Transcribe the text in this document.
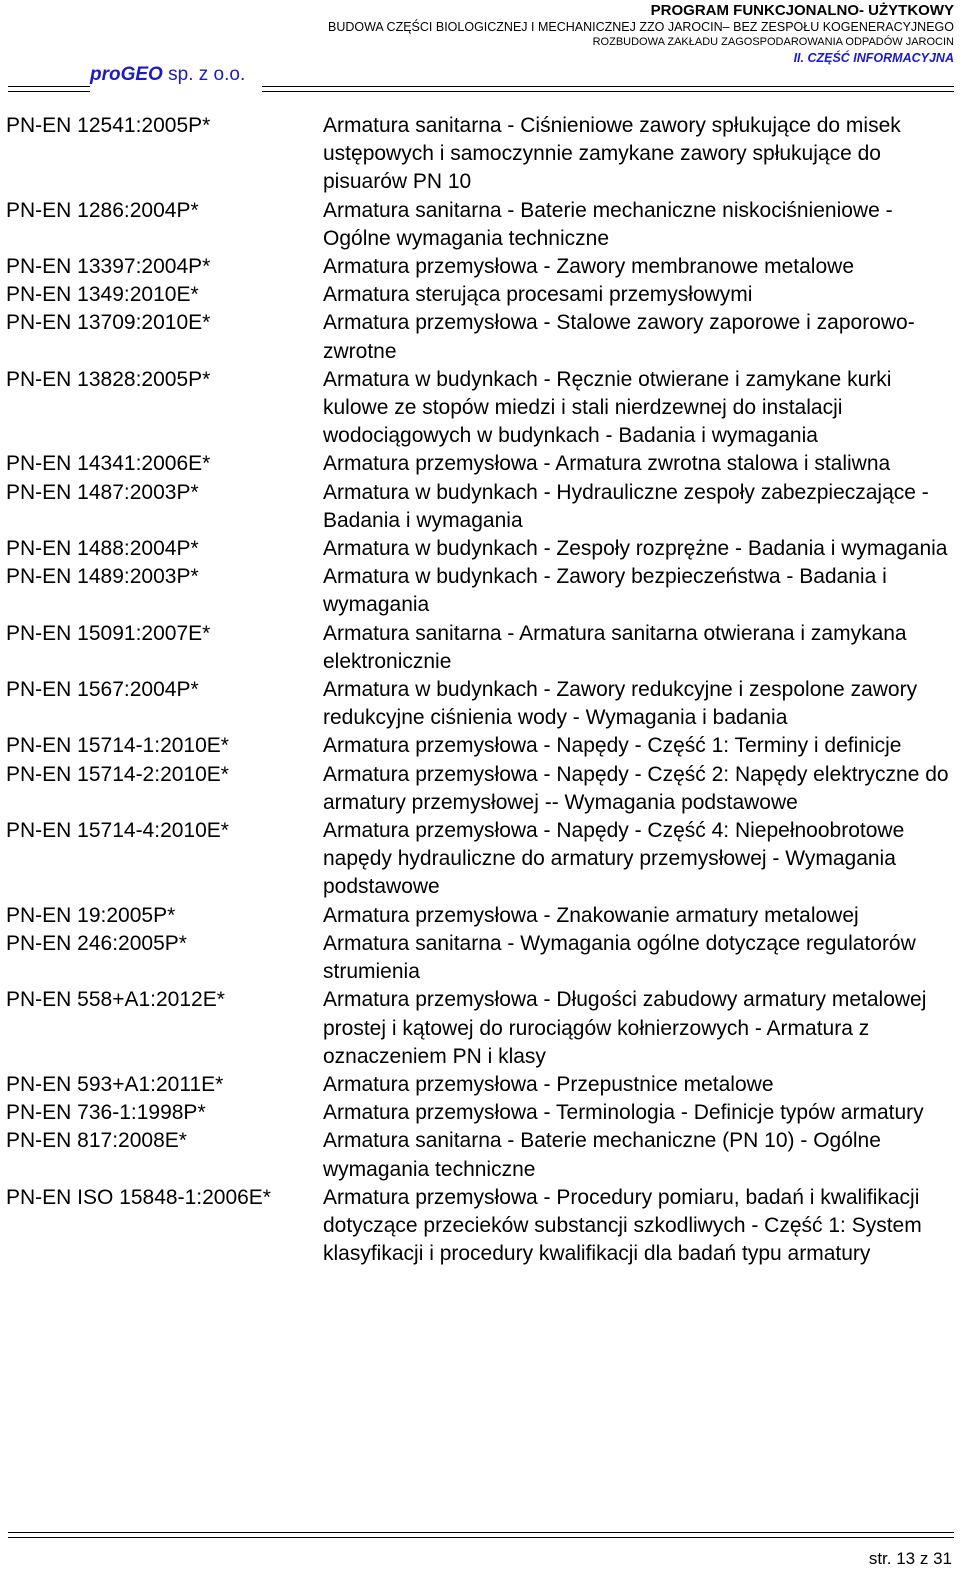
PROGRAM FUNKCJONALNO- UŻYTKOWY
BUDOWA CZĘŚCI BIOLOGICZNEJ I MECHANICZNEJ ZZO JAROCIN– BEZ ZESPOŁU KOGENERACYJNEGO
ROZBUDOWA ZAKŁADU ZAGOSPODAROWANIA ODPADÓW JAROCIN
II. CZĘŚĆ INFORMACYJNA
proGEO sp. z o.o.
PN-EN 12541:2005P*	Armatura sanitarna - Ciśnieniowe zawory spłukujące do misek ustępowych i samoczynnie zamykane zawory spłukujące do pisuarów PN 10
PN-EN 1286:2004P*	Armatura sanitarna - Baterie mechaniczne niskociśnieniowe - Ogólne wymagania techniczne
PN-EN 13397:2004P*	Armatura przemysłowa - Zawory membranowe metalowe
PN-EN 1349:2010E*	Armatura sterująca procesami przemysłowymi
PN-EN 13709:2010E*	Armatura przemysłowa - Stalowe zawory zaporowe i zaporowo-zwrotne
PN-EN 13828:2005P*	Armatura w budynkach - Ręcznie otwierane i zamykane kurki kulowe ze stopów miedzi i stali nierdzewnej do instalacji wodociągowych w budynkach - Badania i wymagania
PN-EN 14341:2006E*	Armatura przemysłowa - Armatura zwrotna stalowa i staliwna
PN-EN 1487:2003P*	Armatura w budynkach - Hydrauliczne zespoły zabezpieczające - Badania i wymagania
PN-EN 1488:2004P*	Armatura w budynkach - Zespoły rozprężne - Badania i wymagania
PN-EN 1489:2003P*	Armatura w budynkach - Zawory bezpieczeństwa - Badania i wymagania
PN-EN 15091:2007E*	Armatura sanitarna - Armatura sanitarna otwierana i zamykana elektronicznie
PN-EN 1567:2004P*	Armatura w budynkach - Zawory redukcyjne i zespolone zawory redukcyjne ciśnienia wody - Wymagania i badania
PN-EN 15714-1:2010E*	Armatura przemysłowa - Napędy - Część 1: Terminy i definicje
PN-EN 15714-2:2010E*	Armatura przemysłowa - Napędy - Część 2: Napędy elektryczne do armatury przemysłowej -- Wymagania podstawowe
PN-EN 15714-4:2010E*	Armatura przemysłowa - Napędy - Część 4: Niepełnoobrotowe napędy hydrauliczne do armatury przemysłowej - Wymagania podstawowe
PN-EN 19:2005P*	Armatura przemysłowa - Znakowanie armatury metalowej
PN-EN 246:2005P*	Armatura sanitarna - Wymagania ogólne dotyczące regulatorów strumienia
PN-EN 558+A1:2012E*	Armatura przemysłowa - Długości zabudowy armatury metalowej prostej i kątowej do rurociągów kołnierzowych - Armatura z oznaczeniem PN i klasy
PN-EN 593+A1:2011E*	Armatura przemysłowa - Przepustnice metalowe
PN-EN 736-1:1998P*	Armatura przemysłowa - Terminologia - Definicje typów armatury
PN-EN 817:2008E*	Armatura sanitarna - Baterie mechaniczne (PN 10) - Ogólne wymagania techniczne
PN-EN ISO 15848-1:2006E*	Armatura przemysłowa - Procedury pomiaru, badań i kwalifikacji dotyczące przecieków substancji szkodliwych - Część 1: System klasyfikacji i procedury kwalifikacji dla badań typu armatury
str. 13 z 31
